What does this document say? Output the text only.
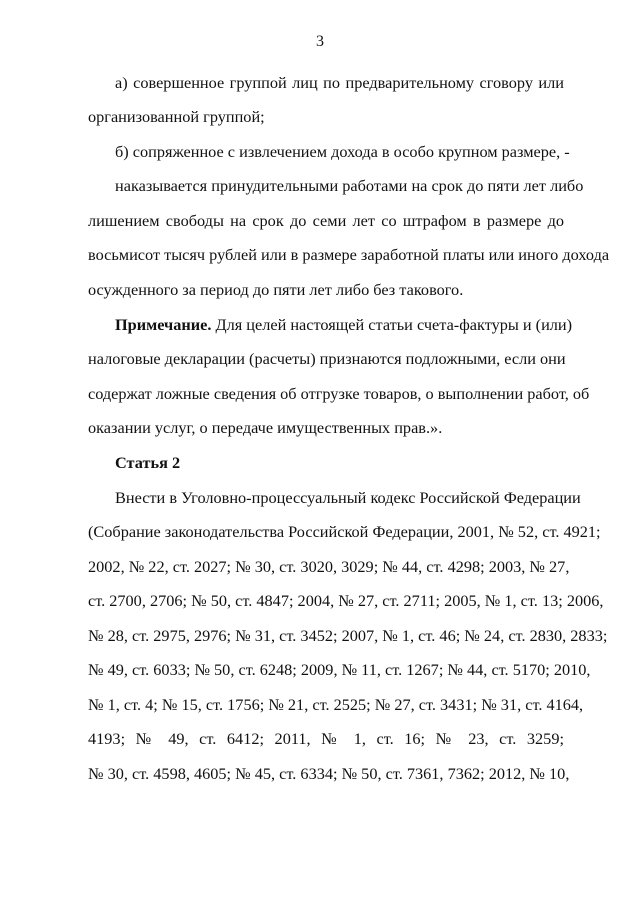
3
а) совершенное группой лиц по предварительному сговору или
организованной группой;
б) сопряженное с извлечением дохода в особо крупном размере, -
наказывается принудительными работами на срок до пяти лет либо
лишением свободы на срок до семи лет со штрафом в размере до
восьмисот тысяч рублей или в размере заработной платы или иного дохода
осужденного за период до пяти лет либо без такового.
Примечание. Для целей настоящей статьи счета-фактуры и (или)
налоговые декларации (расчеты) признаются подложными, если они
содержат ложные сведения об отгрузке товаров, о выполнении работ, об
оказании услуг, о передаче имущественных прав.».
Статья 2
Внести в Уголовно-процессуальный кодекс Российской Федерации
(Собрание законодательства Российской Федерации, 2001, № 52, ст. 4921;
2002, № 22, ст. 2027; № 30, ст. 3020, 3029; № 44, ст. 4298; 2003, № 27,
ст. 2700, 2706; № 50, ст. 4847; 2004, № 27, ст. 2711; 2005, № 1, ст. 13; 2006,
№ 28, ст. 2975, 2976; № 31, ст. 3452; 2007, № 1, ст. 46; № 24, ст. 2830, 2833;
№ 49, ст. 6033; № 50, ст. 6248; 2009, № 11, ст. 1267; № 44, ст. 5170; 2010,
№ 1, ст. 4; № 15, ст. 1756; № 21, ст. 2525; № 27, ст. 3431; № 31, ст. 4164,
4193; № 49, ст. 6412; 2011, № 1, ст. 16; № 23, ст. 3259;
№ 30, ст. 4598, 4605; № 45, ст. 6334; № 50, ст. 7361, 7362; 2012, № 10,
